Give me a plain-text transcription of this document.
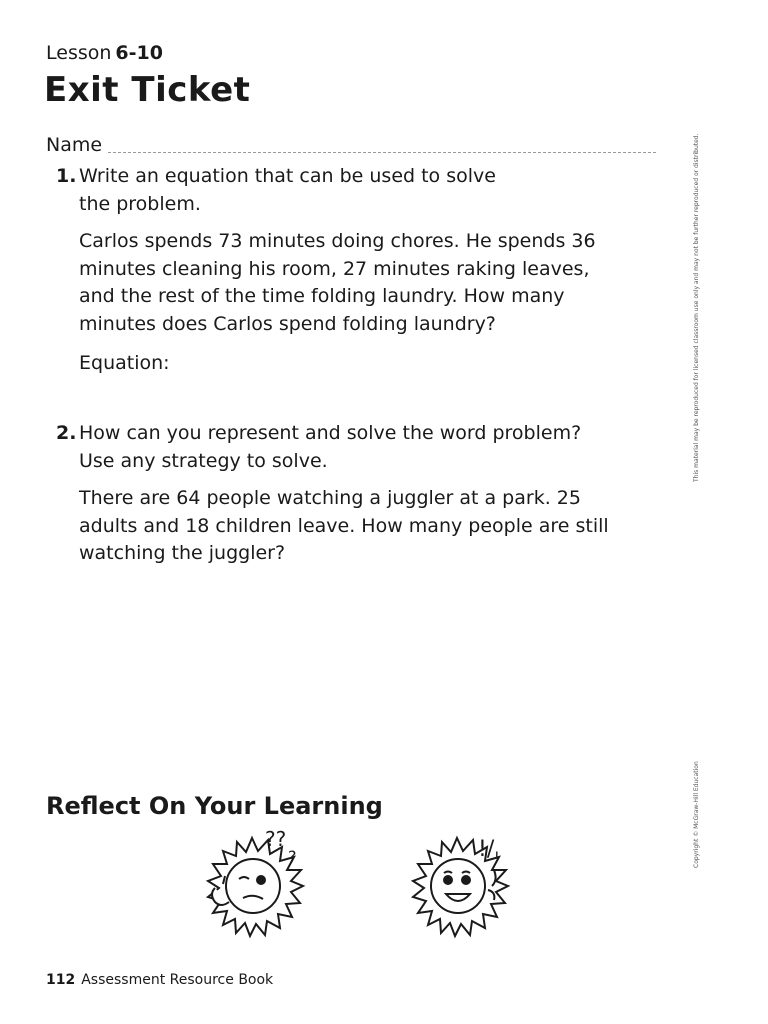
Lesson 6-10
Exit Ticket
Name
1. Write an equation that can be used to solve the problem.

Carlos spends 73 minutes doing chores. He spends 36 minutes cleaning his room, 27 minutes raking leaves, and the rest of the time folding laundry. How many minutes does Carlos spend folding laundry?

Equation:

2. How can you represent and solve the word problem? Use any strategy to solve.

There are 64 people watching a juggler at a park. 25 adults and 18 children leave. How many people are still watching the juggler?

Reflect On Your Learning
??
?	!/ !
112 Assessment Resource Book
This material may be reproduced for licensed classroom use only and may not be further reproduced or distributed.
Copyright © McGraw-Hill Education
